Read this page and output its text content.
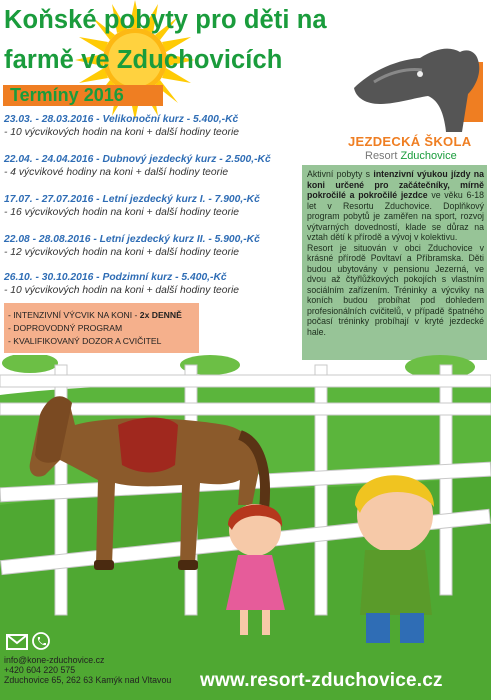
Koňské pobyty pro děti na
farmě ve Zduchovicích
Termíny 2016
23.03. - 28.03.2016 - Velikonoční kurz - 5.400,-Kč
- 10 výcvikových hodin na koni + další hodiny teorie
22.04. - 24.04.2016 - Dubnový jezdecký kurz - 2.500,-Kč
- 4 výcvikové hodiny na koni + další hodiny teorie
17.07. - 27.07.2016 - Letní jezdecký kurz I. - 7.900,-Kč
- 16 výcvikových hodin na koni + další hodiny teorie
22.08 - 28.08.2016 - Letní jezdecký kurz II. - 5.900,-Kč
- 12 výcvikových hodin na koni + další hodiny teorie
26.10. - 30.10.2016 - Podzimní kurz - 5.400,-Kč
- 10 výcvikových hodin na koni + další hodiny teorie
- INTENZIVNÍ VÝCVIK NA KONI - 2x DENNĚ
- DOPROVODNÝ PROGRAM
- KVALIFIKOVANÝ DOZOR A CVIČITEL
JEZDECKÁ ŠKOLA
Resort Zduchovice
Aktivní pobyty s intenzivní výukou jízdy na koni určené pro začátečníky, mírně pokročilé a pokročilé jezdce ve věku 6-18 let v Resortu Zduchovice. Doplňkový program pobytů je zaměřen na sport, rozvoj výtvarných dovedností, klade se důraz na vztah dětí k přírodě a vývoj v kolektivu.
Resort je situován v obci Zduchovice v krásné přírodě Povltaví a Příbramska. Děti budou ubytovány v pensionu Jezerná, ve dvou až čtyřlůžkových pokojích s vlastním sociálním zařízením. Tréninky a výcviky na koních budou probíhat pod dohledem profesionálních cvičitelů, v případě špatného počasí tréninky probíhají v kryté jezdecké hale.
info@kone-zduchovice.cz
+420 604 220 575
Zduchovice 65, 262 63 Kamýk nad Vltavou www.resort-zduchovice.cz
